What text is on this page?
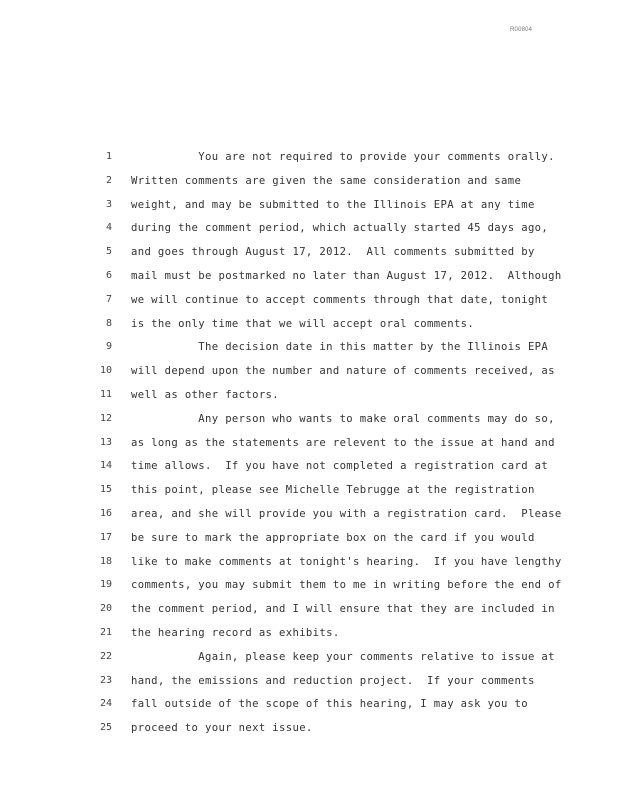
R00804
1 You are not required to provide your comments orally.
2 Written comments are given the same consideration and same
3 weight, and may be submitted to the Illinois EPA at any time
4 during the comment period, which actually started 45 days ago,
5 and goes through August 17, 2012.  All comments submitted by
6 mail must be postmarked no later than August 17, 2012.  Although
7 we will continue to accept comments through that date, tonight
8 is the only time that we will accept oral comments.
9 The decision date in this matter by the Illinois EPA
10 will depend upon the number and nature of comments received, as
11 well as other factors.
12 Any person who wants to make oral comments may do so,
13 as long as the statements are relevent to the issue at hand and
14 time allows.  If you have not completed a registration card at
15 this point, please see Michelle Tebrugge at the registration
16 area, and she will provide you with a registration card.  Please
17 be sure to mark the appropriate box on the card if you would
18 like to make comments at tonight's hearing.  If you have lengthy
19 comments, you may submit them to me in writing before the end of
20 the comment period, and I will ensure that they are included in
21 the hearing record as exhibits.
22 Again, please keep your comments relative to issue at
23 hand, the emissions and reduction project.  If your comments
24 fall outside of the scope of this hearing, I may ask you to
25 proceed to your next issue.
